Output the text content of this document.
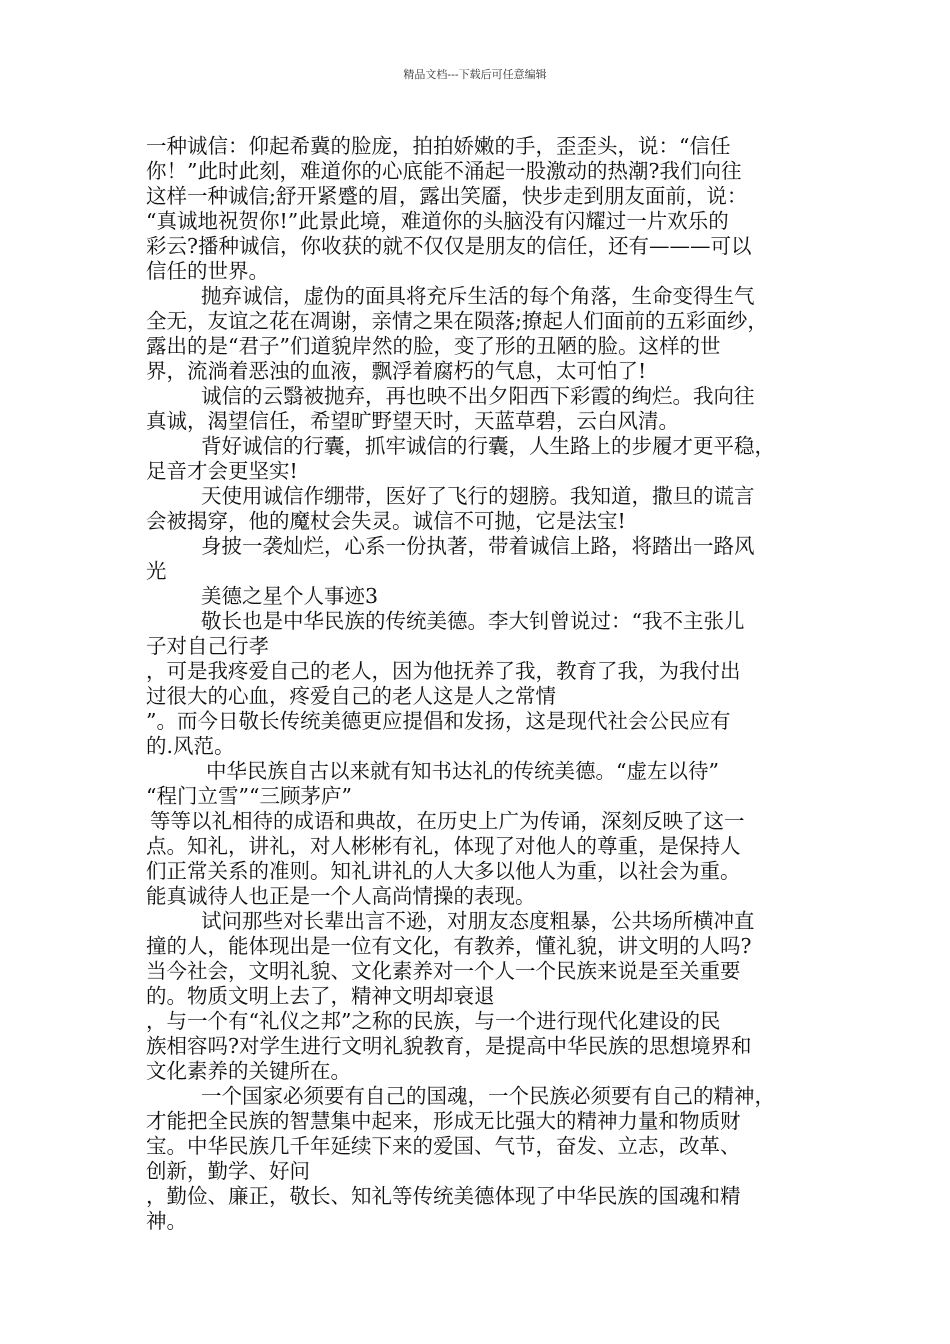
精品文档---下载后可任意编辑
一种诚信：仰起希冀的脸庞，拍拍娇嫩的手，歪歪头，说：“信任
你！”此时此刻，难道你的心底能不涌起一股激动的热潮?我们向往
这样一种诚信;舒开紧蹙的眉，露出笑靥，快步走到朋友面前，说：
“真诚地祝贺你!”此景此境，难道你的头脑没有闪耀过一片欢乐的
彩云?播种诚信，你收获的就不仅仅是朋友的信任，还有———可以
信任的世界。
抛弃诚信，虚伪的面具将充斥生活的每个角落，生命变得生气
全无，友谊之花在凋谢，亲情之果在陨落;撩起人们面前的五彩面纱，
露出的是“君子”们道貌岸然的脸，变了形的丑陋的脸。这样的世
界，流淌着恶浊的血液，飘浮着腐朽的气息，太可怕了!
诚信的云翳被抛弃，再也映不出夕阳西下彩霞的绚烂。我向往
真诚，渴望信任，希望旷野望天时，天蓝草碧，云白风清。
背好诚信的行囊，抓牢诚信的行囊，人生路上的步履才更平稳，
足音才会更坚实!
天使用诚信作绷带，医好了飞行的翅膀。我知道，撒旦的谎言
会被揭穿，他的魔杖会失灵。诚信不可抛，它是法宝!
身披一袭灿烂，心系一份执著，带着诚信上路，将踏出一路风
光
美德之星个人事迹3
敬长也是中华民族的传统美德。李大钊曾说过：“我不主张儿
子对自己行孝
，可是我疼爱自己的老人，因为他抚养了我，教育了我，为我付出
过很大的心血，疼爱自己的老人这是人之常情
”。而今日敬长传统美德更应提倡和发扬，这是现代社会公民应有
的.风范。
中华民族自古以来就有知书达礼的传统美德。“虚左以待”
“程门立雪”“三顾茅庐”
等等以礼相待的成语和典故，在历史上广为传诵，深刻反映了这一
点。知礼，讲礼，对人彬彬有礼，体现了对他人的尊重，是保持人
们正常关系的准则。知礼讲礼的人大多以他人为重，以社会为重。
能真诚待人也正是一个人高尚情操的表现。
试问那些对长辈出言不逊，对朋友态度粗暴，公共场所横冲直
撞的人，能体现出是一位有文化，有教养，懂礼貌，讲文明的人吗?
当今社会，文明礼貌、文化素养对一个人一个民族来说是至关重要
的。物质文明上去了，精神文明却衰退
，与一个有“礼仪之邦”之称的民族，与一个进行现代化建设的民
族相容吗?对学生进行文明礼貌教育，是提高中华民族的思想境界和
文化素养的关键所在。
一个国家必须要有自己的国魂，一个民族必须要有自己的精神，
才能把全民族的智慧集中起来，形成无比强大的精神力量和物质财
宝。中华民族几千年延续下来的爱国、气节，奋发、立志，改革、
创新，勤学、好问
，勤俭、廉正，敬长、知礼等传统美德体现了中华民族的国魂和精
神。
